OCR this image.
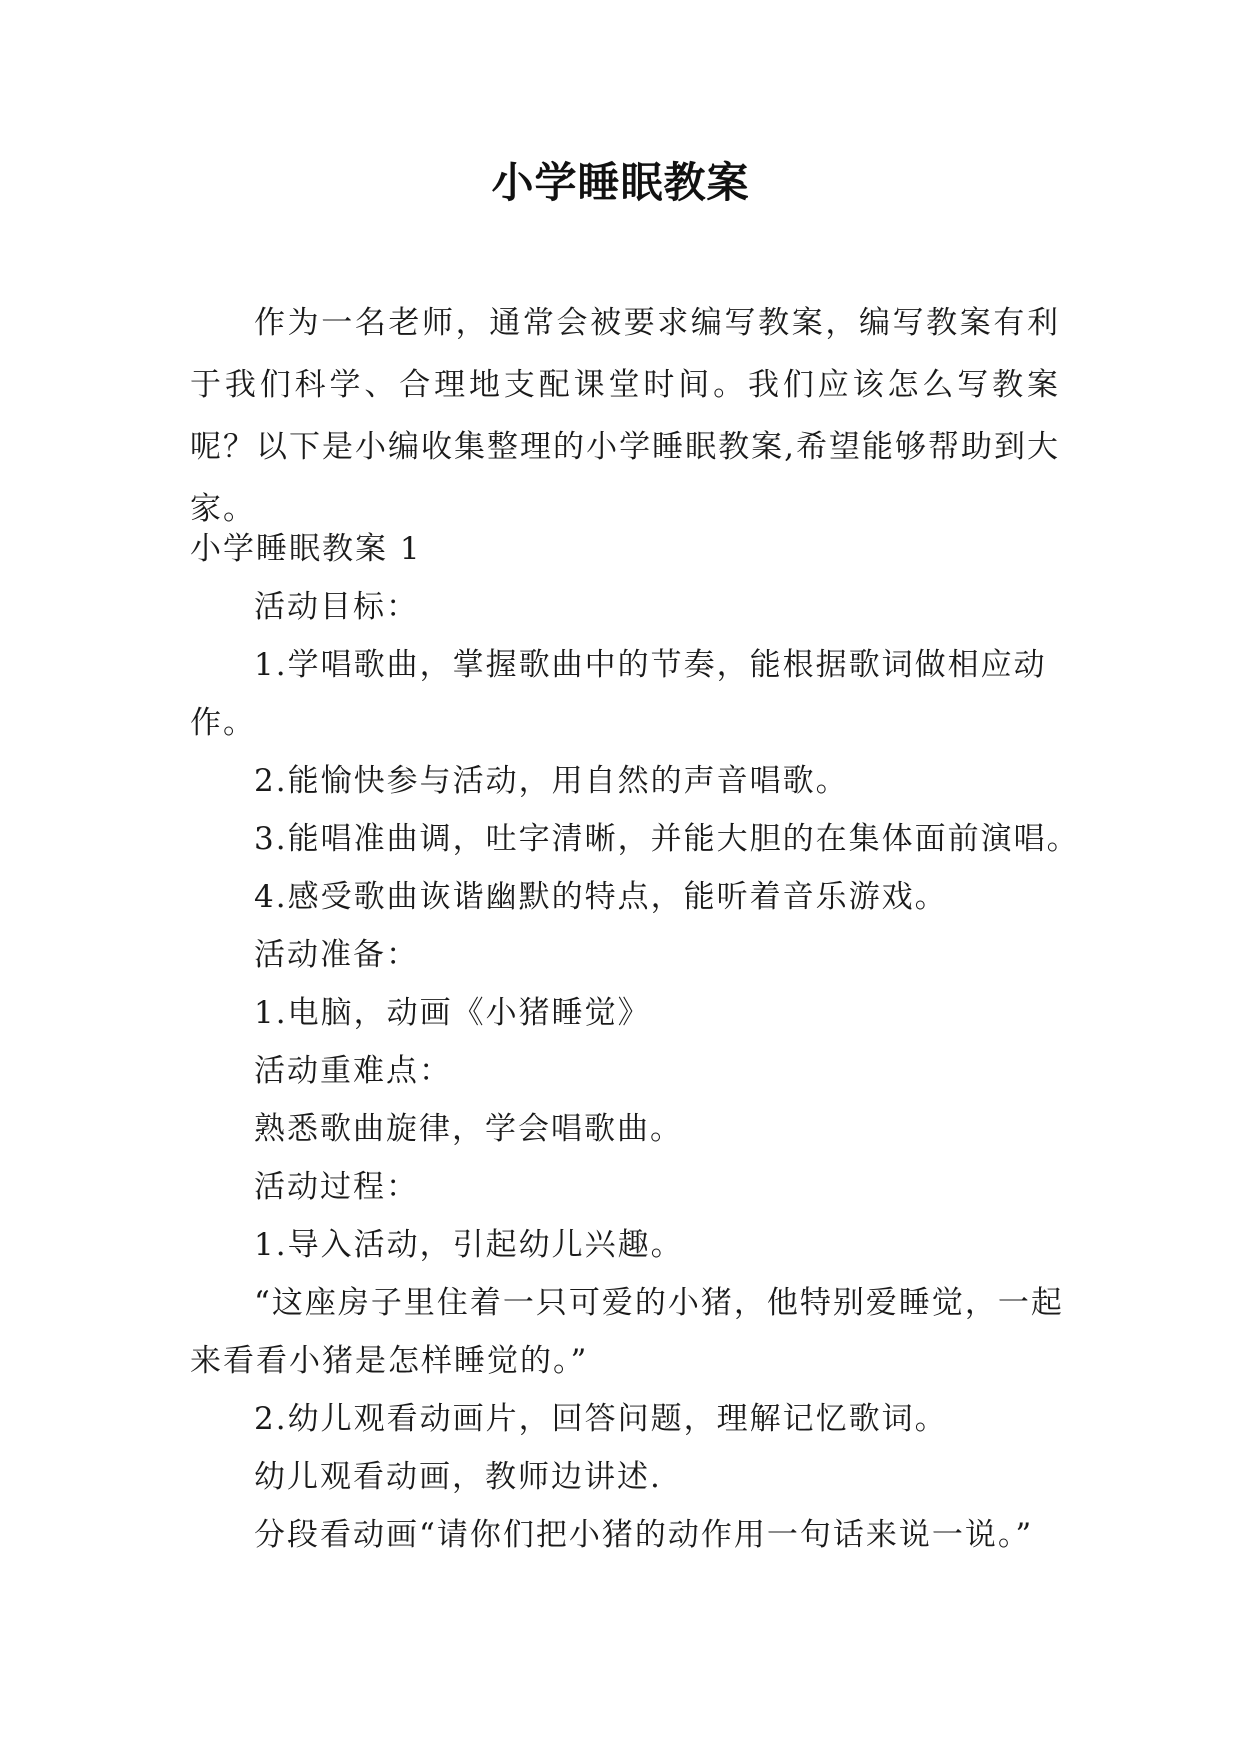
小学睡眠教案

作为一名老师，通常会被要求编写教案，编写教案有利于我们科学、合理地支配课堂时间。我们应该怎么写教案呢？以下是小编收集整理的小学睡眠教案,希望能够帮助到大家。

小学睡眠教案 1

活动目标：

1.学唱歌曲，掌握歌曲中的节奏，能根据歌词做相应动作。

2.能愉快参与活动，用自然的声音唱歌。

3.能唱准曲调，吐字清晰，并能大胆的在集体面前演唱。

4.感受歌曲诙谐幽默的特点，能听着音乐游戏。

活动准备：

1.电脑，动画《小猪睡觉》

活动重难点：

熟悉歌曲旋律，学会唱歌曲。

活动过程：

1.导入活动，引起幼儿兴趣。

“这座房子里住着一只可爱的小猪，他特别爱睡觉，一起来看看小猪是怎样睡觉的。”

2.幼儿观看动画片，回答问题，理解记忆歌词。

幼儿观看动画，教师边讲述.

分段看动画“请你们把小猪的动作用一句话来说一说。”
